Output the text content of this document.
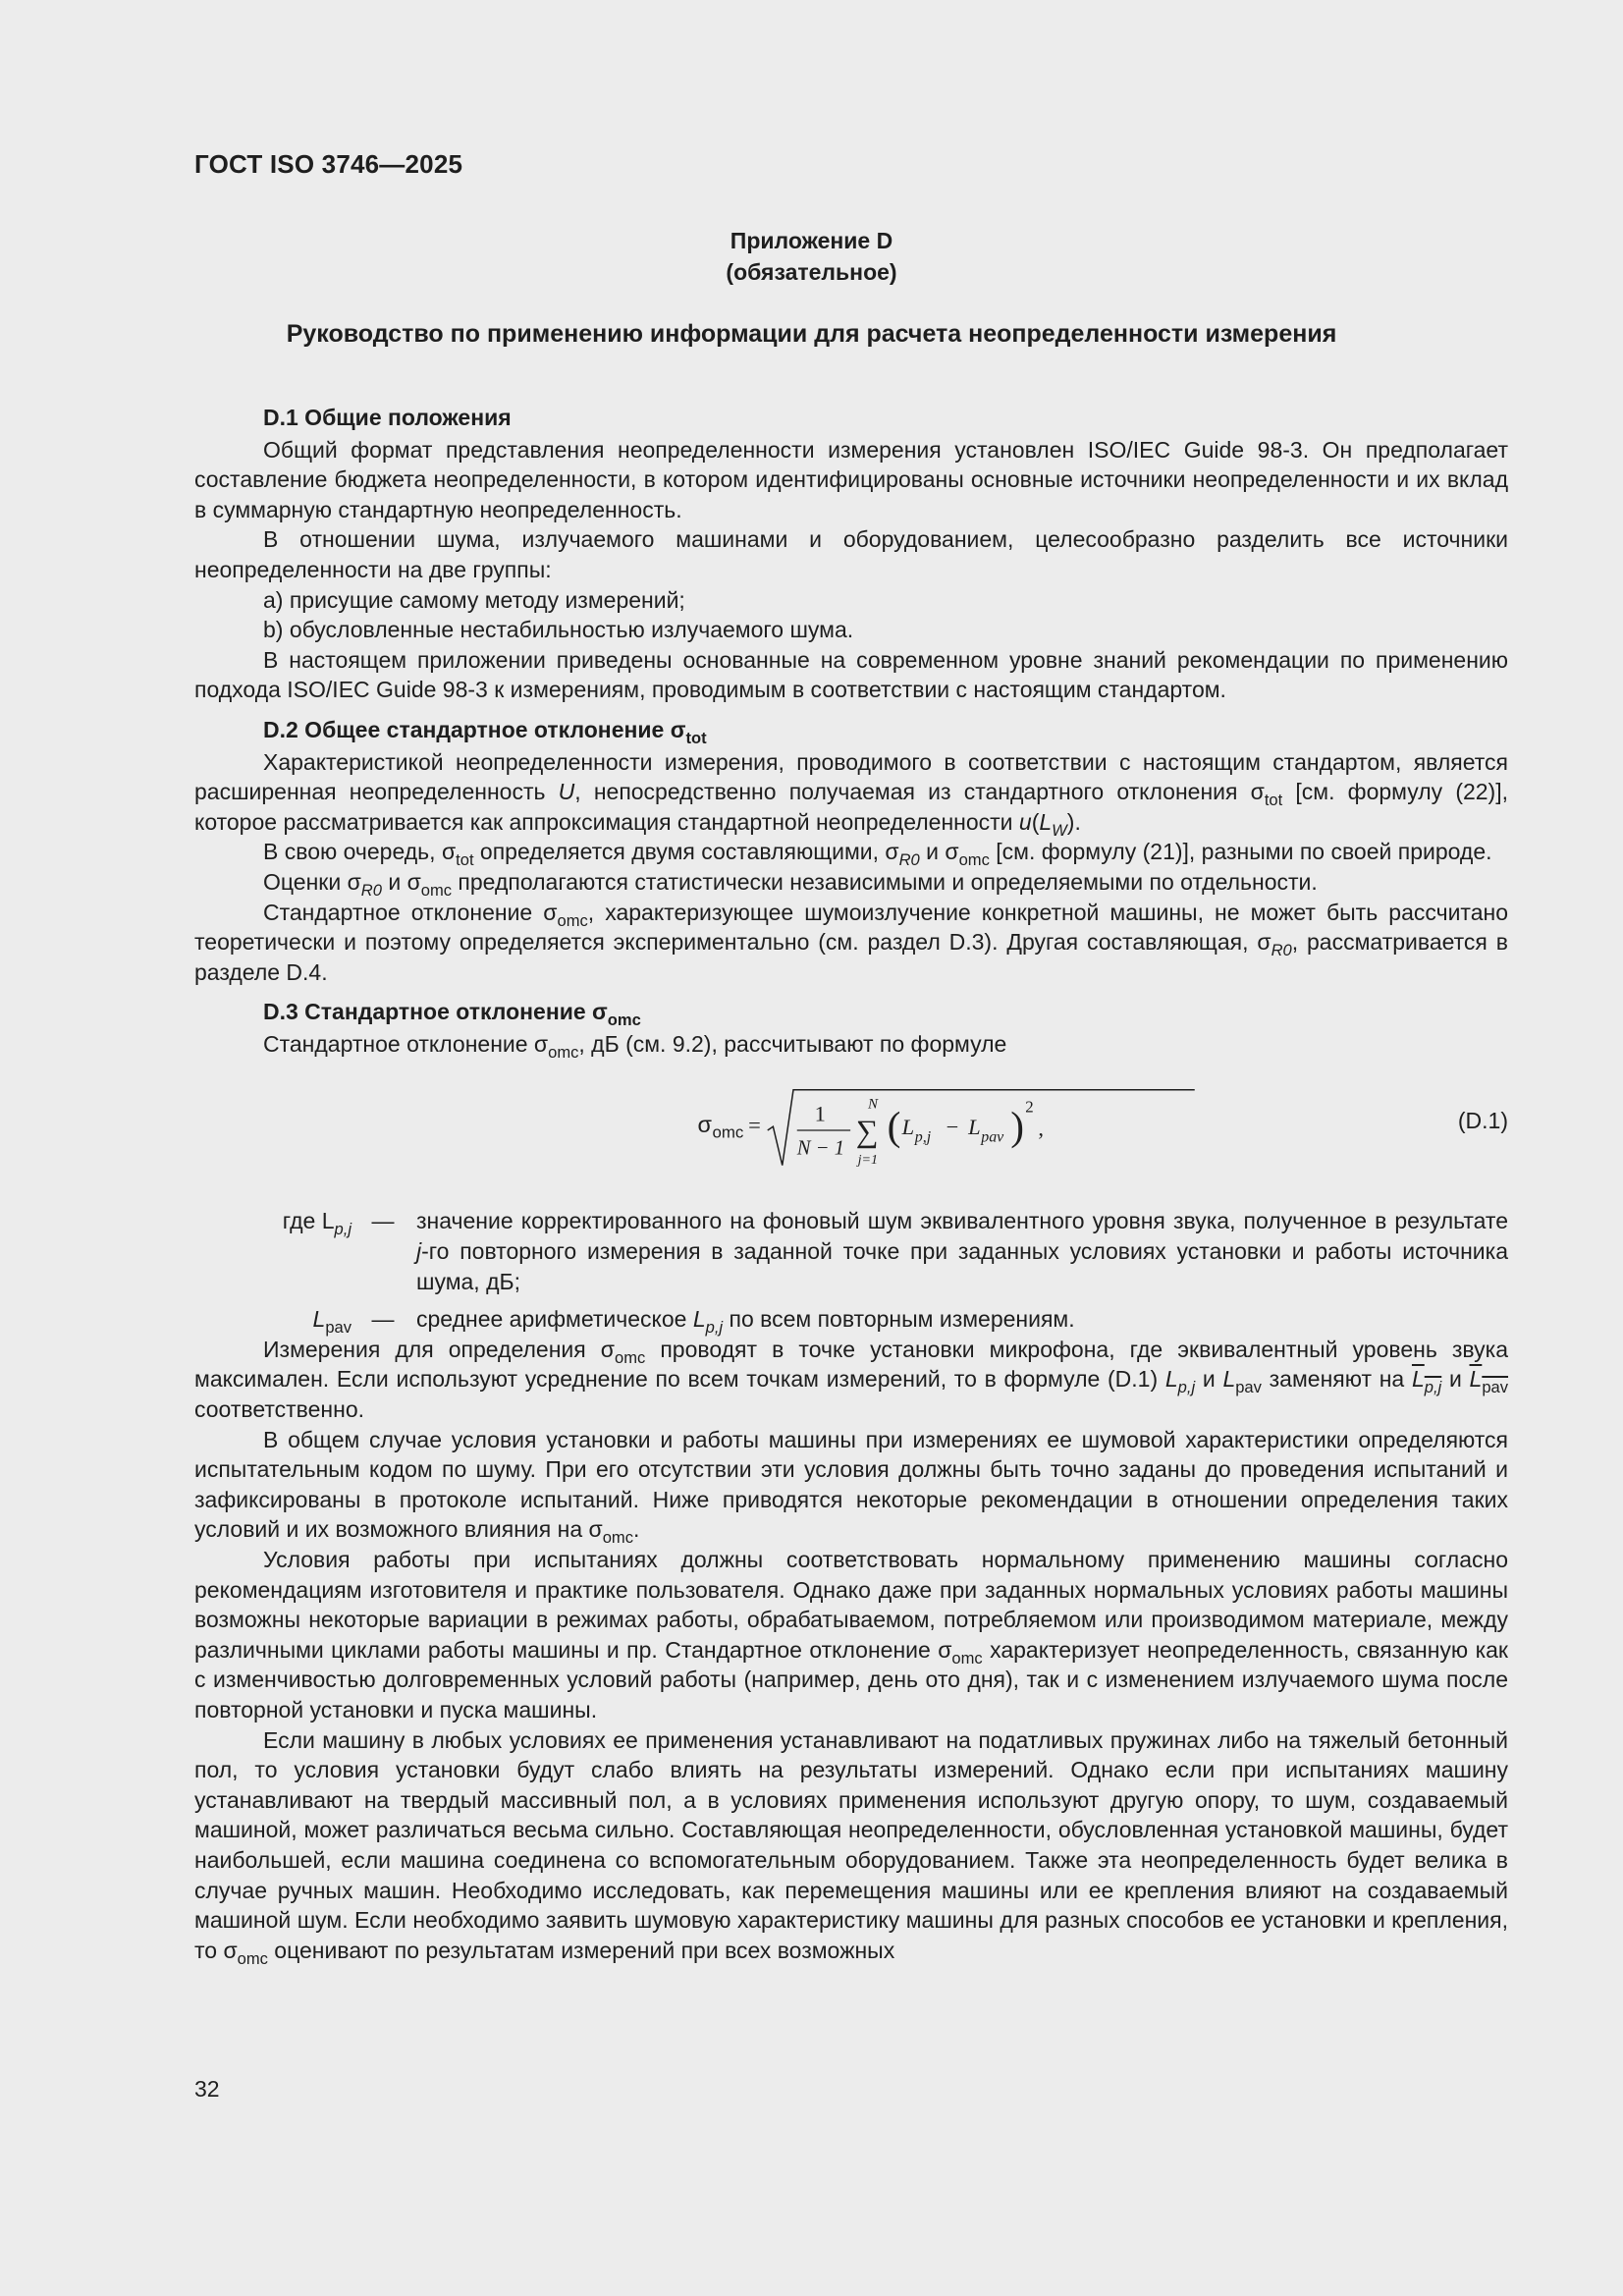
ГОСТ ISO 3746—2025
Приложение D
(обязательное)
Руководство по применению информации для расчета неопределенности измерения

D.1 Общие положения

Общий формат представления неопределенности измерения установлен ISO/IEC Guide 98-3. Он предполагает составление бюджета неопределенности, в котором идентифицированы основные источники неопределенности и их вклад в суммарную стандартную неопределенность.

В отношении шума, излучаемого машинами и оборудованием, целесообразно разделить все источники неопределенности на две группы:

a) присущие самому методу измерений;

b) обусловленные нестабильностью излучаемого шума.

В настоящем приложении приведены основанные на современном уровне знаний рекомендации по применению подхода ISO/IEC Guide 98-3 к измерениям, проводимым в соответствии с настоящим стандартом.

D.2 Общее стандартное отклонение $\sigma_{tot}$

Характеристикой неопределенности измерения, проводимого в соответствии с настоящим стандартом, является расширенная неопределенность U, непосредственно получаемая из стандартного отклонения $\sigma_{tot}$ [см. формулу (22)], которое рассматривается как аппроксимация стандартной неопределенности $u(L_W)$.

В свою очередь, $\sigma_{tot}$ определяется двумя составляющими, $\sigma_{R0}$ и $\sigma_{omc}$ [см. формулу (21)], разными по своей природе.

Оценки $\sigma_{R0}$ и $\sigma_{omc}$ предполагаются статистически независимыми и определяемыми по отдельности.

Стандартное отклонение $\sigma_{omc}$, характеризующее шумоизлучение конкретной машины, не может быть рассчитано теоретически и поэтому определяется экспериментально (см. раздел D.3). Другая составляющая, $\sigma_{R0}$, рассматривается в разделе D.4.

D.3 Стандартное отклонение $\sigma_{omc}$

Стандартное отклонение $\sigma_{omc}$, дБ (см. 9.2), рассчитывают по формуле

σ omc = 1
N − 1
N
∑
j=1
( L p,j − L pav ) 2
,	(D.1)
где $L_{p,j}$ — значение корректированного на фоновый шум эквивалентного уровня звука, полученное в результате j-го повторного измерения в заданной точке при заданных условиях установки и работы источника шума, дБ;
$L_{pav}$ — среднее арифметическое $L_{p,j}$ по всем повторным измерениям.

Измерения для определения $\sigma_{omc}$ проводят в точке установки микрофона, где эквивалентный уровень звука максимален. Если используют усреднение по всем точкам измерений, то в формуле (D.1) $L_{p,j}$ и $L_{pav}$ заменяют на $L_{p,j}$ и $L_{pav}$ соответственно.

В общем случае условия установки и работы машины при измерениях ее шумовой характеристики определяются испытательным кодом по шуму. При его отсутствии эти условия должны быть точно заданы до проведения испытаний и зафиксированы в протоколе испытаний. Ниже приводятся некоторые рекомендации в отношении определения таких условий и их возможного влияния на $\sigma_{omc}$.

Условия работы при испытаниях должны соответствовать нормальному применению машины согласно рекомендациям изготовителя и практике пользователя. Однако даже при заданных нормальных условиях работы машины возможны некоторые вариации в режимах работы, обрабатываемом, потребляемом или производимом материале, между различными циклами работы машины и пр. Стандартное отклонение $\sigma_{omc}$ характеризует неопределенность, связанную как с изменчивостью долговременных условий работы (например, день ото дня), так и с изменением излучаемого шума после повторной установки и пуска машины.

Если машину в любых условиях ее применения устанавливают на податливых пружинах либо на тяжелый бетонный пол, то условия установки будут слабо влиять на результаты измерений. Однако если при испытаниях машину устанавливают на твердый массивный пол, а в условиях применения используют другую опору, то шум, создаваемый машиной, может различаться весьма сильно. Составляющая неопределенности, обусловленная установкой машины, будет наибольшей, если машина соединена со вспомогательным оборудованием. Также эта неопределенность будет велика в случае ручных машин. Необходимо исследовать, как перемещения машины или ее крепления влияют на создаваемый машиной шум. Если необходимо заявить шумовую характеристику машины для разных способов ее установки и крепления, то $\sigma_{omc}$ оценивают по результатам измерений при всех возможных

32
